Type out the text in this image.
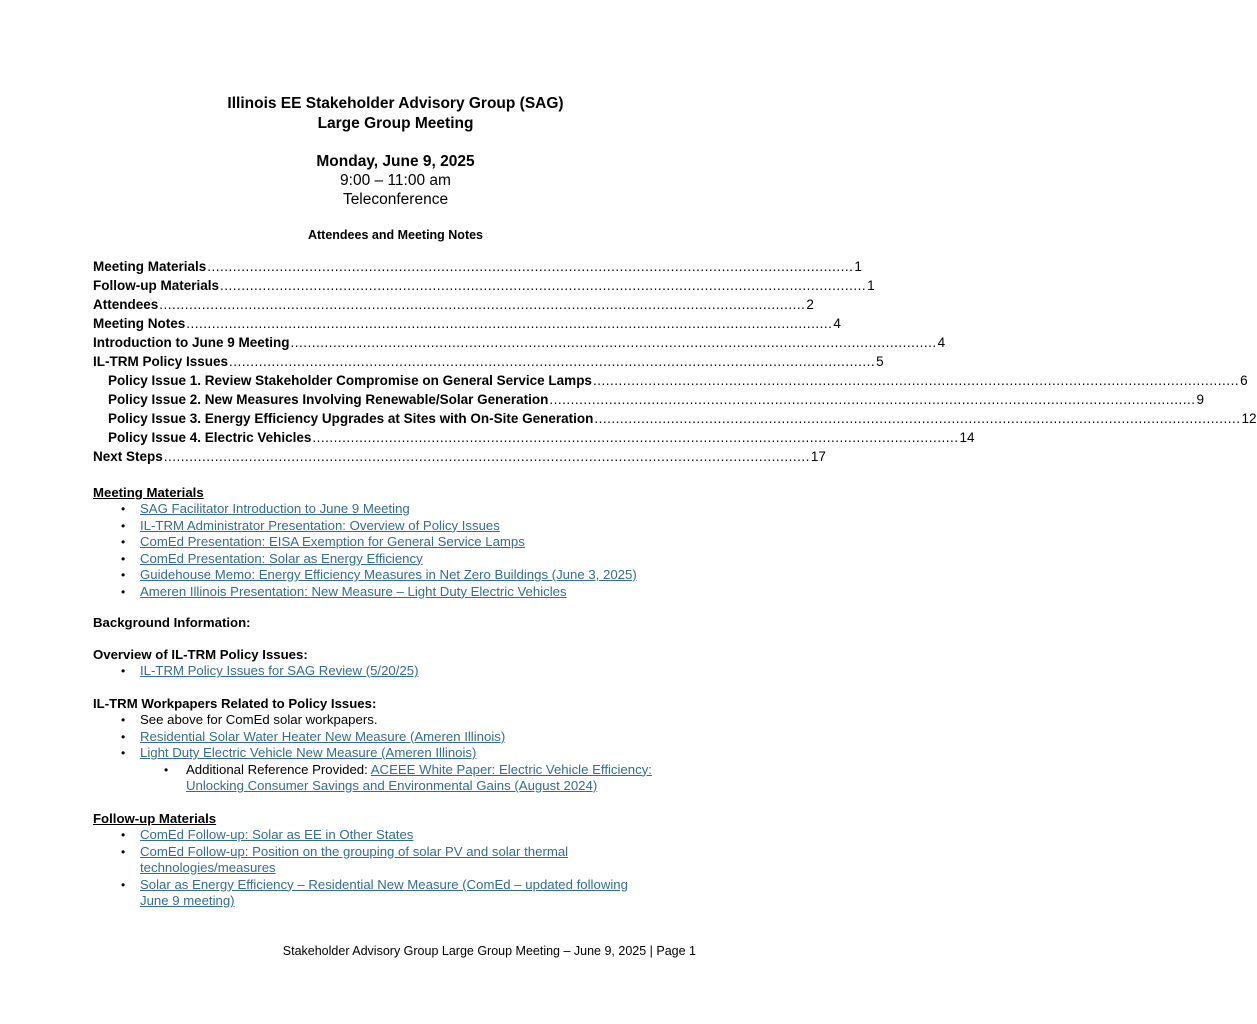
Illinois EE Stakeholder Advisory Group (SAG)
Large Group Meeting
Monday, June 9, 2025
9:00 – 11:00 am
Teleconference
Attendees and Meeting Notes
Meeting Materials ........................................................................................................................................................ 1
Follow-up Materials ........................................................................................................................................................ 1
Attendees ........................................................................................................................................................ 2
Meeting Notes ........................................................................................................................................................ 4
Introduction to June 9 Meeting ........................................................................................................................................................ 4
IL-TRM Policy Issues ........................................................................................................................................................ 5
Policy Issue 1. Review Stakeholder Compromise on General Service Lamps ........................................................................................................................................................ 6
Policy Issue 2. New Measures Involving Renewable/Solar Generation ........................................................................................................................................................ 9
Policy Issue 3. Energy Efficiency Upgrades at Sites with On-Site Generation ........................................................................................................................................................ 12
Policy Issue 4. Electric Vehicles ........................................................................................................................................................ 14
Next Steps ........................................................................................................................................................ 17
Meeting Materials
• SAG Facilitator Introduction to June 9 Meeting
• IL-TRM Administrator Presentation: Overview of Policy Issues
• ComEd Presentation: EISA Exemption for General Service Lamps
• ComEd Presentation: Solar as Energy Efficiency
• Guidehouse Memo: Energy Efficiency Measures in Net Zero Buildings (June 3, 2025)
• Ameren Illinois Presentation: New Measure – Light Duty Electric Vehicles
Background Information:
Overview of IL-TRM Policy Issues:
• IL-TRM Policy Issues for SAG Review (5/20/25)
IL-TRM Workpapers Related to Policy Issues:
• See above for ComEd solar workpapers.
• Residential Solar Water Heater New Measure (Ameren Illinois)
• Light Duty Electric Vehicle New Measure (Ameren Illinois)
• Additional Reference Provided: ACEEE White Paper: Electric Vehicle Efficiency:
Unlocking Consumer Savings and Environmental Gains (August 2024)
Follow-up Materials
• ComEd Follow-up: Solar as EE in Other States
• ComEd Follow-up: Position on the grouping of solar PV and solar thermal
technologies/measures
• Solar as Energy Efficiency – Residential New Measure (ComEd – updated following
June 9 meeting)
Stakeholder Advisory Group Large Group Meeting – June 9, 2025 | Page 1
